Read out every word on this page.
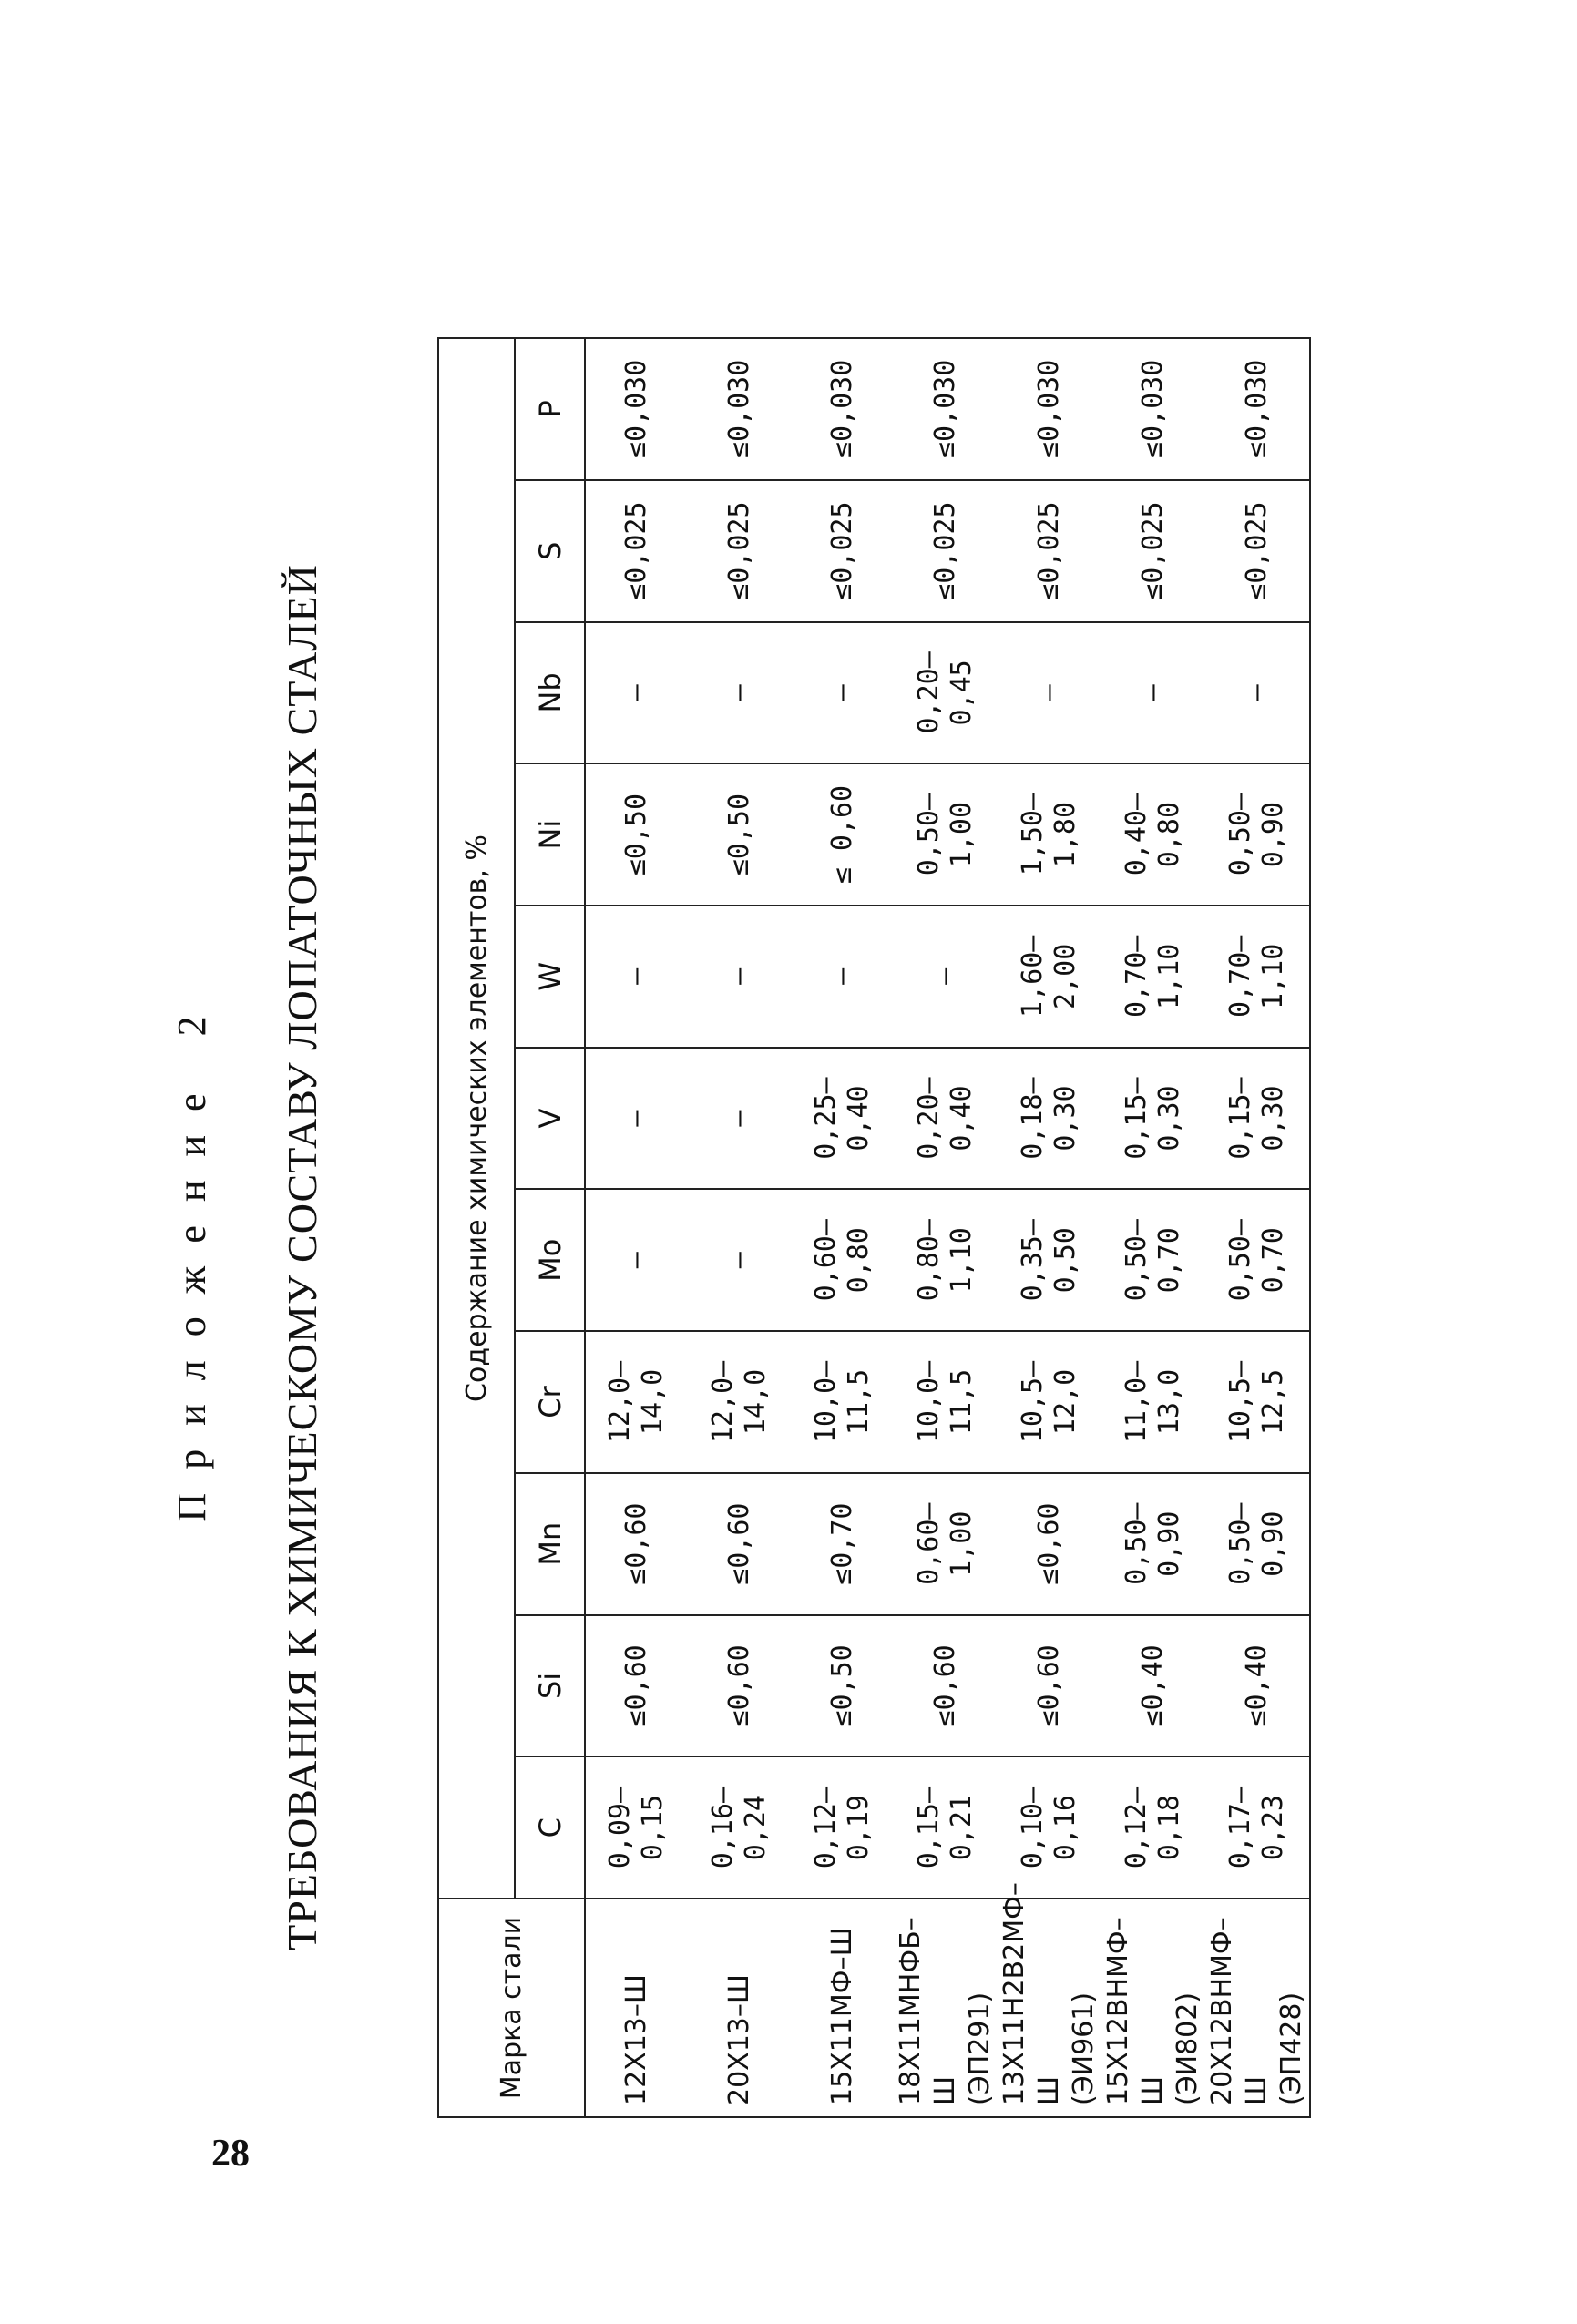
28
Приложение 2 ТРЕБОВАНИЯ К ХИМИЧЕСКОМУ СОСТАВУ ЛОПАТОЧНЫХ СТАЛЕЙ
Марка стали	Содержание химических элементов, %										
	C	Si	Mn	Cr	Mo	V	W	Ni	Nb	S	P

12Х13–Ш	0,09– 0,15	≤0,60	≤0,60	12,0– 14,0	–	–	–	≤0,50	–	≤0,025	≤0,030

20Х13–Ш	0,16– 0,24	≤0,60	≤0,60	12,0– 14,0	–	–	–	≤0,50	–	≤0,025	≤0,030

15Х11МФ–Ш	0,12– 0,19	≤0,50	≤0,70	10,0– 11,5	0,60– 0,80	0,25– 0,40	–	≤ 0,60	–	≤0,025	≤0,030

18Х11МНФБ–Ш (ЭП291)	0,15– 0,21	≤0,60	0,60– 1,00	10,0– 11,5	0,80– 1,10	0,20– 0,40	–	0,50– 1,00	0,20– 0,45	≤0,025	≤0,030

13Х11Н2В2МФ–Ш (ЭИ961)	0,10– 0,16	≤0,60	≤0,60	10,5– 12,0	0,35– 0,50	0,18– 0,30	1,60– 2,00	1,50– 1,80	–	≤0,025	≤0,030

15Х12ВНМФ–Ш (ЭИ802)	0,12– 0,18	≤0,40	0,50– 0,90	11,0– 13,0	0,50– 0,70	0,15– 0,30	0,70– 1,10	0,40– 0,80	–	≤0,025	≤0,030

20Х12ВНМФ–Ш (ЭП428)	0,17– 0,23	≤0,40	0,50– 0,90	10,5– 12,5	0,50– 0,70	0,15– 0,30	0,70– 1,10	0,50– 0,90	–	≤0,025	≤0,030
